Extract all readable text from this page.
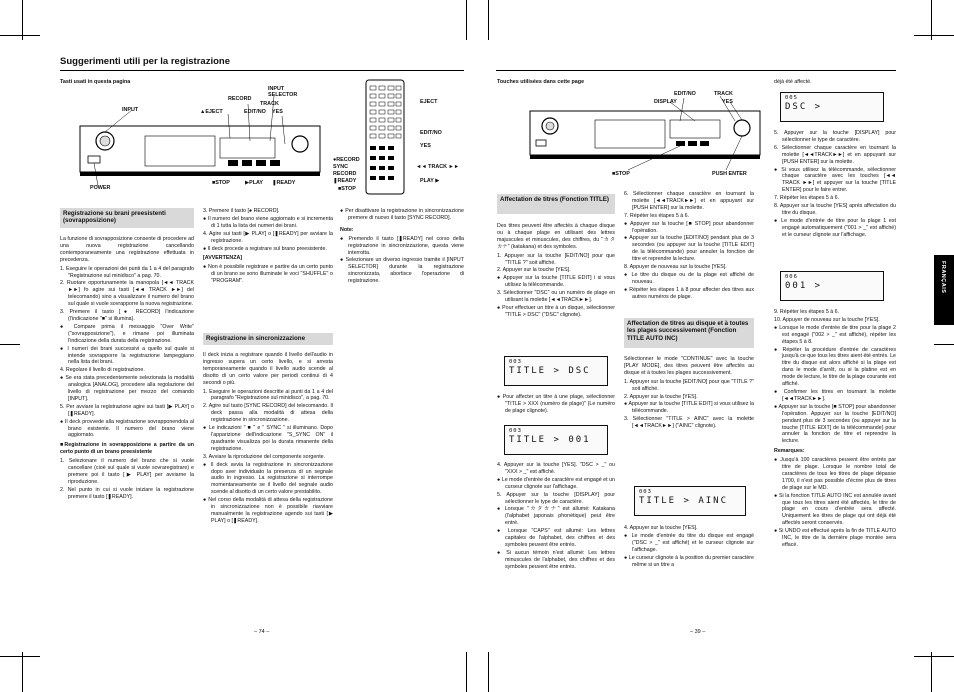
Suggerimenti utili per la registrazione
Tasti usati in questa pagina
INPUT	▲EJECT
RECORD
TRACK
INPUT
SELECTOR
EDIT/NO YES
POWER
■STOP	▶PLAY ❚READY
EJECT
EDIT/NO
YES
●RECORD
SYNC
RECORD
❚READY
■STOP
◄◄ TRACK ►►
PLAY ▶
Registrazione su brani preesistenti (sovrapposizione)

La funzione di sovrapposizione consente di procedere ad una nuova registrazione cancellando contemporaneamente una registrazione effettuata in precedenza.

1. Eseguire le operazioni dei punti da 1 a 4 del paragrafo "Registrazione sul minidisco" a pag. 70.
2. Ruotare opportunamente la manopola [◄◄ TRACK ►►] fo agire sui tasti [◄◄ TRACK ►►] del telecomando) sino a visualizzare il numero del brano sul quale si vuole sovrapporre la nuova registrazione.
3. Premere il tasto [● RECORD] l'indicazione (l'indicazione "■" si illumina).
● Compare prima il messaggio "Over Write" ("sovrapposizione"), e rimane poi illuminata l'indicazione della durata della registrazione.
● I numeri dei brani successivi a quello sul quale si intende sovrapporre la registrazione lampeggiano nella lista dei brani.
4. Regolare il livello di registrazione.
● Se era stata precedentemente selezionata la modalità analogica [ANALOG], procedere alla regolazione del livello di registrazione per mezzo del comando [INPUT].
5. Per avviare la registrazione agire sui tasti [▶ PLAY] o [❚READY].
● Il deck provvede alla registrazione sovrapponendola al brano esistente. Il numero del brano viene aggiornato.

■Registrazione in sovrapposizione a partire da un certo punto di un brano preesistente

1. Selezionare il numero del brano che si vuole cancellare (cioè sul quale si vuole sovraregistrare) e premere poi il tasto [▶ PLAY] per avviarne la riproduzione.
2. Nel punto in cui si vuole iniziare la registrazione premere il tasto [❚READY].
3. Premere il tasto [● RECORD].
● Il numero del brano viene aggiornato e si incrementa di 1 tutta la lista dei numeri dei brani.
4. Agire sui tasti [▶ PLAY] o [❚READY] per avviare la registrazione.
● Il deck procede a registrare sul brano preesistente.

[AVVERTENZA]

● Non è possibile registrare e partire da un certo punto di un brano se sono illuminate le voci "SHUFFLE" o "PROGRAM".
Registrazione in sincronizzazione

Il deck inizia a registrare quando il livello dell'audio in ingresso supera un certo livello, e si arresta temporaneamente quando il livello audio scende al disotto di un certo valore per periodi continui di 4 secondi o più.

1. Eseguire le operazioni descritte ai punti da 1 a 4 del paragrafo "Registrazione sul minidisco", a pag. 70.
2. Agire sul tasto [SYNC RECORD] del telecomando. Il deck passa alla modalità di attesa della registrazione in sincronizzazione.
● Le indicazioni " ■ " e " SYNC " si illuminano. Dopo l'apparizione dell'indicazione "S_SYNC ON" il quadrante visualizza poi la durata rimanente della registrazione.
3. Avviare la riproduzione del componente sorgente.
● Il deck avvia la registrazione in sincronizzazione dopo aver individuato la presenza di un segnale audio in ingresso. La registrazione si interrompe momentaneamente se il livello del segnale audio scende al disotto di un certo valore prestabilito.
● Nel corso della modalità di attesa della registrazione in sincronizzazione non è possibile riavviare manualmente la registrazione agendo sui tasti [▶ PLAY] o [❚READY].
● Per disattivare la registrazione in sincronizzazione premere di nuovo il tasto [SYNC RECORD].

Note:

● Premendo il tasto [❚READY] nel corso della registrazione in sincronizzazione, questa viene interrotta.
● Selezionare un diverso ingresso tramite il [INPUT SELECTOR] durante la registrazione sincronizzata, abortisce l'operazione di registrazione.
– 74 –
Touches utilisées dans cette page
EDIT/NO	TRACK
DISPLAY	YES
■STOP	PUSH ENTER
Affectation de titres (Fonction TITLE)

Des titres peuvent être affectés à chaque disque ou à chaque plage en utilisant des lettres majuscules et minuscules, des chiffres, du "カタカナ" (katakana) et des symboles.

1. Appuyer sur la touche [EDIT/NO] pour que "TITLE ?" soit affiché.
2. Appuyer sur la touche [YES].
● Appuyer sur la touche [TITLE EDIT] i si vous utilisez la télécommande.
3. Sélectionner "DSC" ou un numéro de plage en utilisant la molette [◄◄TRACK►►].
● Pour effectuer un titre à un disque, sélectionner "TITLE > DSC" ("DSC" clignote).
003
TITLE > DSC
● Pour affecter un titre à une plage, sélectionner "TITLE > XXX (numéro de plage)" (Le numéro de plage clignote).
003
TITLE > 001
4. Appuyer sur la touche [YES]. "DSC > _" ou "XXX > _" est affiché.
● Le mode d'entrée de caractère est engagé et un curseur clignote sur l'affichage.
5. Appuyer sur la touche [DISPLAY] pour sélectionner le type de caractère.
● Lorsque "カタカナ" est allumé: Katakana (l'alphabet japonais phonétique) peut être entré.
● Lorsque "CAPS" est allumé: Les lettres capitales de l'alphabet, des chiffres et des symboles peuvent être entrés.
● Si aucun témoin n'est allumé: Les lettres minuscules de l'alphabet, des chiffres et des symboles peuvent être entrés.
6. Sélectionner chaque caractère en tournant la molette [◄◄TRACK►►] et en appuyant sur [PUSH ENTER] sur la molette.
7. Répéter les étapes 5 à 6.
● Appuyer sur la touche [■ STOP] pour abandonner l'opération.
● Appuyer sur la touche [EDIT/NO] pendant plus de 3 secondes (ou appuyer sur la touche [TITLE EDIT] de la télécommande) pour annuler la fonction de titre et reprendre la lecture.
8. Appuyer de nouveau sur la touche [YES].
● Le titre du disque ou de la plage est affiché de nouveau.
● Répéter les étapes 1 à 8 pour affecter des titres aux autres numéros de plage.
Affectation de titres au disque et à toutes les plages successivement (Fonction TITLE AUTO INC)

Sélectionner le mode "CONTINUE" avec la touche [PLAY MODE], des titres peuvent être affectés au disque et à toutes les plages successivement.

1. Appuyer sur la touche [EDIT/NO] pour que "TITLE ?" soit affiché.
2. Appuyer sur la touche [YES].
● Appuyer sur la touche [TITLE EDIT] si vous utilisez la télécommande.
3. Sélectionner "TITLE > AINC" avec la molette [◄◄TRACK►►] ("AINC" clignote).
003
TITLE > AINC
4. Appuyer sur la touche [YES].
● Le mode d'entrée du titre du disque est engagé ("DSC > _" est affiché) et le curseur clignote sur l'affichage.
● Le curseur clignote à la position du premier caractère même si un titre a

déjà été affecté.

005
DSC >
5. Appuyer sur la touche [DISPLAY] pour sélectionner le type de caractère.
6. Sélectionner chaque caractère en tournant la molette [◄◄TRACK►►] et en appuyant sur [PUSH ENTER] sur la molette.
● Si vous utilisez la télécommande, sélectionner chaque caractère avec les touches [◄◄ TRACK ►►] et appuyer sur la touche [TITLE ENTER] pour le faire entrer.
7. Répéter les étapes 5 à 6.
8. Appuyer sur la touche [YES] après affectation du titre du disque.
● Le mode d'entrée de titre pour la plage 1 est engagé automatiquement ("001 > _" est affiché) et le curseur clignote sur l'affichage.
006
001 >
9. Répéter les étapes 5 à 6.
10. Appuyer de nouveau sur la touche [YES].
● Lorsque le mode d'entrée de titre pour la plage 2 est engagé ("002 > _" est affiché), répéter les étapes 5 à 8.
● Répéter la procédure d'entrée de caractères jusqu'à ce que tous les titres aient été entrés. Le titre du disque est alors affiché si la plage est dans le mode d'arrêt, ou si la platine est en mode de lecture, le titre de la plage courante est affiché.
● Confirmer les titres en tournant la molette [◄◄TRACK►►].
● Appuyer sur la touche [■ STOP] pour abandonner l'opération. Appuyer sur la touche [EDIT/NO] pendant plus de 3 secondes (ou appuyer sur la touche [TITLE EDIT] de la télécommande) pour annuler la fonction de titre et reprendre la lecture.

Remarques:

● Jusqu'à 100 caractères peuvent être entrés par titre de plage. Lorsque le nombre total de caractères de tous les titres de plage dépasse 1700, il n'est pas possible d'écrire plus de titres de plage sur le MD.
● Si la fonction TITLE AUTO INC est annulée avant que tous les titres aient été affectés, le titre de plage en cours d'entrée sera affecté. Uniquement les titres de plage qui ont déjà été affectés seront conservés.
● Si UNDO est effectué après la fin de TITLE AUTO INC, le titre de la dernière plage montée sera effacé.
– 39 –
FRANÇAIS
